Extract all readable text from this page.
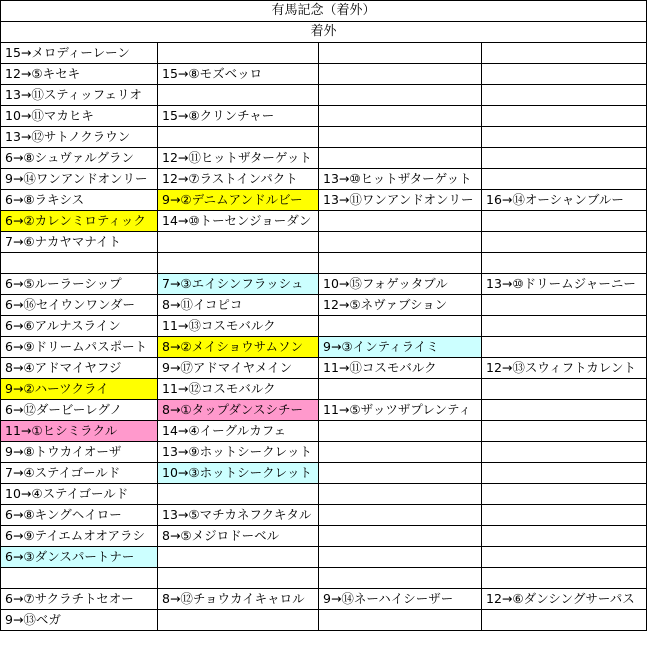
有馬記念（着外）			
着外			
15→メロディーレーン			
12→⑤キセキ	15→⑧モズベッロ		
13→⑪スティッフェリオ			
10→⑪マカヒキ	15→⑧クリンチャー		
13→⑫サトノクラウン			
6→⑧シュヴァルグラン	12→⑪ヒットザターゲット		
9→⑭ワンアンドオンリー	12→⑦ラストインパクト	13→⑩ヒットザターゲット	
6→⑧ラキシス	9→②デニムアンドルビー	13→⑪ワンアンドオンリー	16→⑭オーシャンブルー
6→②カレンミロティック	14→⑩トーセンジョーダン		
7→⑥ナカヤマナイト			

6→⑤ルーラーシップ	7→③エイシンフラッシュ	10→⑮フォゲッタブル	13→⑩ドリームジャーニー
6→⑯セイウンワンダー	8→⑪イコピコ	12→⑤ネヴァブション	
6→⑥アルナスライン	11→⑬コスモバルク		
6→⑨ドリームパスポート	8→②メイショウサムソン	9→③インティライミ	
8→④アドマイヤフジ	9→⑰アドマイヤメイン	11→⑪コスモバルク	12→⑬スウィフトカレント
9→②ハーツクライ	11→⑫コスモバルク		
6→⑫ダービーレグノ	8→①タップダンスシチー	11→⑤ザッツザプレンティ	
11→①ヒシミラクル	14→④イーグルカフェ		
9→⑧トウカイオーザ	13→⑨ホットシークレット		
7→④ステイゴールド	10→③ホットシークレット		
10→④ステイゴールド			
6→⑧キングヘイロー	13→⑤マチカネフクキタル		
6→⑨テイエムオオアラシ	8→⑤メジロドーベル		
6→③ダンスパートナー			

6→⑦サクラチトセオー	8→⑫チョウカイキャロル	9→⑭ネーハイシーザー	12→⑥ダンシングサーパス
9→⑬ベガ			
